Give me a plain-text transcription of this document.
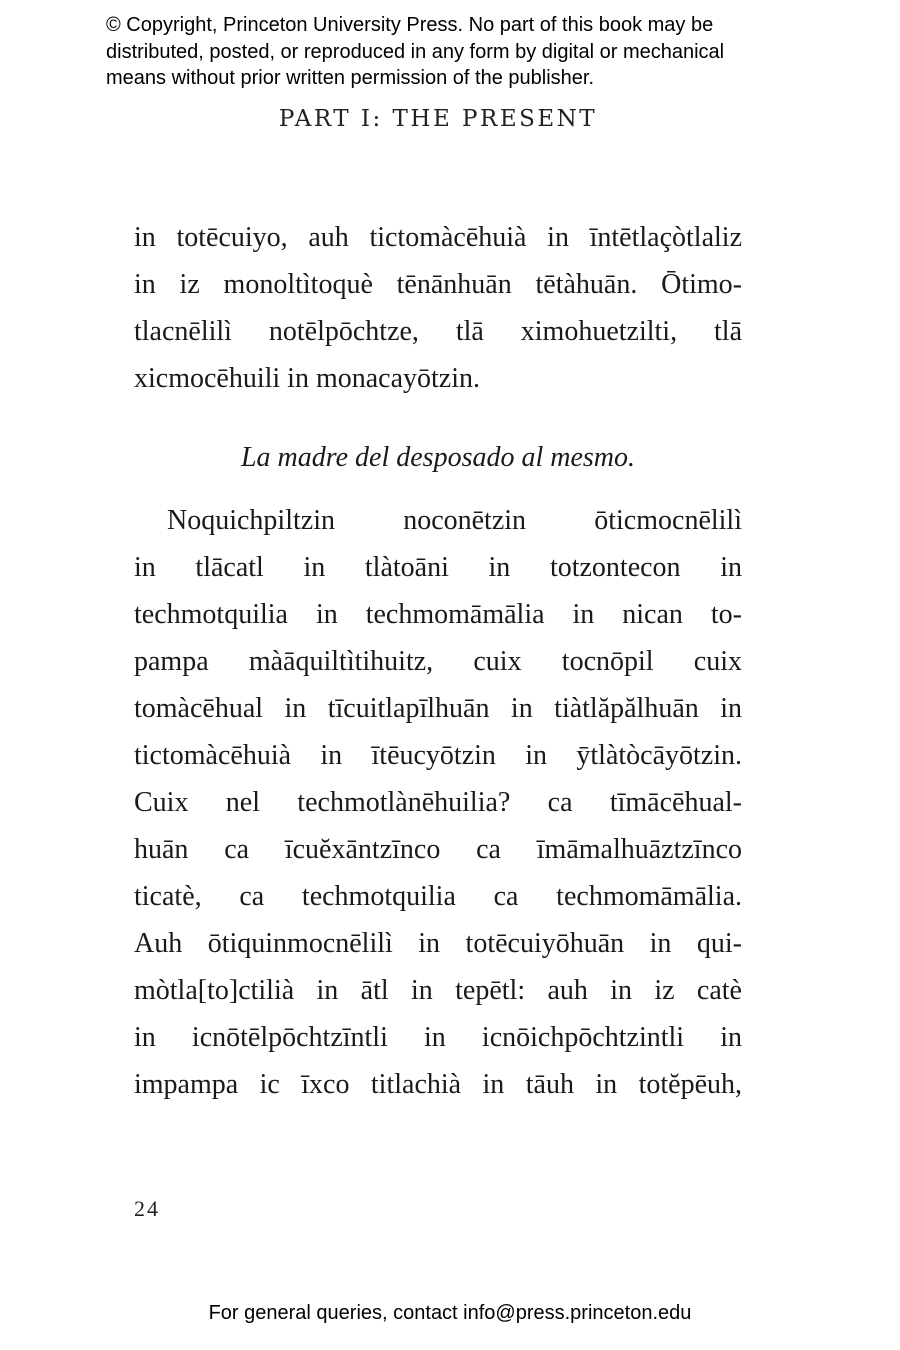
© Copyright, Princeton University Press. No part of this book may be
distributed, posted, or reproduced in any form by digital or mechanical
means without prior written permission of the publisher.
PART I: THE PRESENT
in totēcuiyo, auh tictomàcēhuià in īntētlaçòtlaliz
in iz monoltìtoquè tēnānhuān tētàhuān. Ōtimo-
tlacnēlilì notēlpōchtze, tlā ximohuetzilti, tlā
xicmocēhuili in monacayōtzin.
La madre del desposado al mesmo.
Noquichpiltzin noconētzin ōticmocnēlilì
in tlācatl in tlàtoāni in totzontecon in
techmotquilia in techmomāmālia in nican to-
pampa màāquiltìtihuitz, cuix tocnōpil cuix
tomàcēhual in tīcuitlapīlhuān in tiàtlăpălhuān in
tictomàcēhuià in ītēucyōtzin in ȳtlàtòcāyōtzin.
Cuix nel techmotlànēhuilia? ca tīmācēhual-
huān ca īcuĕxāntzīnco ca īmāmalhuāztzīnco
ticatè, ca techmotquilia ca techmomāmālia.
Auh ōtiquinmocnēlilì in totēcuiyōhuān in qui-
mòtla[to]ctilià in ātl in tepētl: auh in iz catè
in icnōtēlpōchtzīntli in icnōichpōchtzintli in
impampa ic īxco titlachià in tāuh in totĕpēuh,
24
For general queries, contact info@press.princeton.edu
